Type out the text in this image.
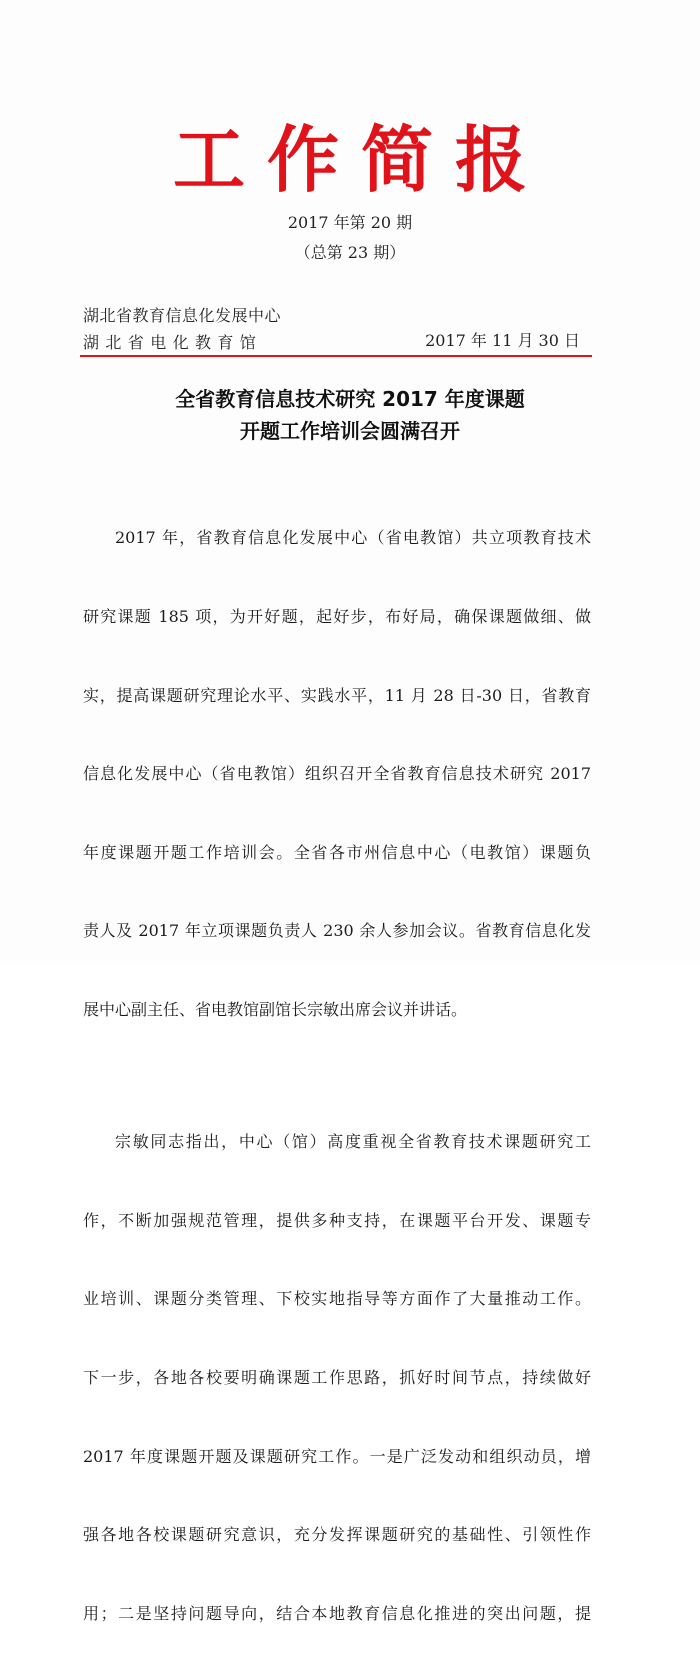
工作简报
2017 年第 20 期
（总第 23 期）
湖北省教育信息化发展中心
湖北省电化教育馆	2017 年 11 月 30 日
全省教育信息技术研究 2017 年度课题
开题工作培训会圆满召开

2017 年，省教育信息化发展中心（省电教馆）共立项教育技术

研究课题 185 项，为开好题，起好步，布好局，确保课题做细、做

实，提高课题研究理论水平、实践水平，11 月 28 日-30 日，省教育

信息化发展中心（省电教馆）组织召开全省教育信息技术研究 2017

年度课题开题工作培训会。全省各市州信息中心（电教馆）课题负

责人及 2017 年立项课题负责人 230 余人参加会议。省教育信息化发

展中心副主任、省电教馆副馆长宗敏出席会议并讲话。

宗敏同志指出，中心（馆）高度重视全省教育技术课题研究工

作，不断加强规范管理，提供多种支持，在课题平台开发、课题专

业培训、课题分类管理、下校实地指导等方面作了大量推动工作。

下一步，各地各校要明确课题工作思路，抓好时间节点，持续做好

2017 年度课题开题及课题研究工作。一是广泛发动和组织动员，增

强各地各校课题研究意识，充分发挥课题研究的基础性、引领性作

用；二是坚持问题导向，结合本地教育信息化推进的突出问题，提
